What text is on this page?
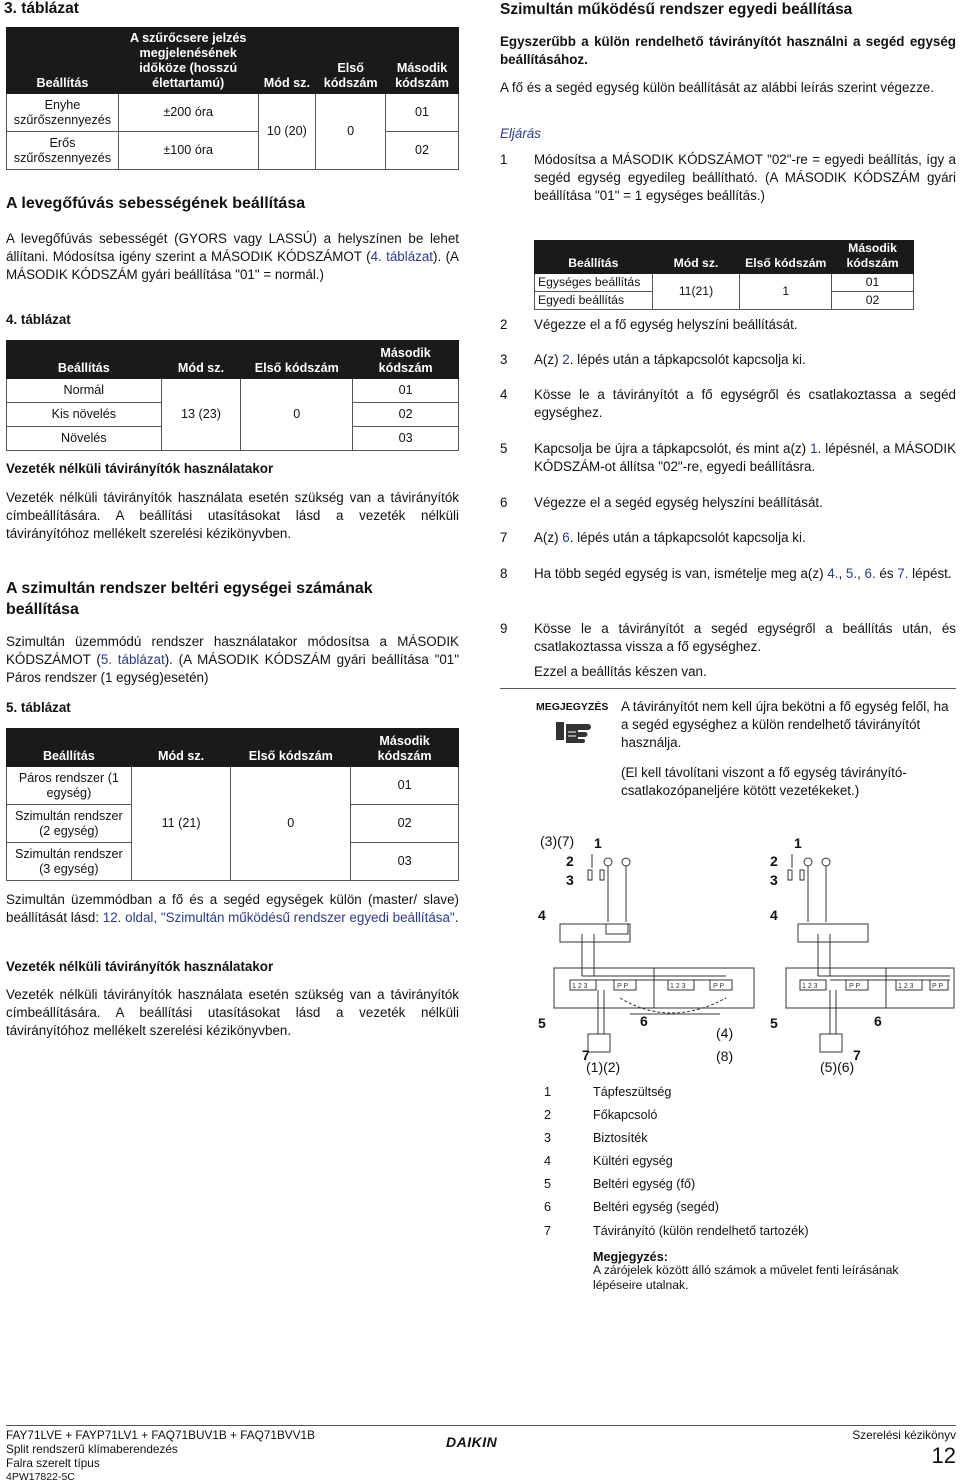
3. táblázat
Beállítás	A szűrőcsere jelzés megjelenésének időköze (hosszú élettartamú)	Mód sz.	Első kódszám	Második kódszám
Enyhe szűrőszennyezés	±200 óra	10 (20)	0	01
Erős szűrőszennyezés	±100 óra			02
A levegőfúvás sebességének beállítása

A levegőfúvás sebességét (GYORS vagy LASSÚ) a helyszínen be lehet állítani. Módosítsa igény szerint a MÁSODIK KÓDSZÁMOT (4. táblázat). (A MÁSODIK KÓDSZÁM gyári beállítása "01" = normál.)

4. táblázat
Beállítás	Mód sz.	Első kódszám	Második kódszám
Normál	13 (23)	0	01
Kis növelés			02
Növelés			03
Vezeték nélküli távirányítók használatakor

Vezeték nélküli távirányítók használata esetén szükség van a távirányítók címbeállítására. A beállítási utasításokat lásd a vezeték nélküli távirányítóhoz mellékelt szerelési kézikönyvben.

A szimultán rendszer beltéri egységei számának beállítása

Szimultán üzemmódú rendszer használatakor módosítsa a MÁSODIK KÓDSZÁMOT (5. táblázat). (A MÁSODIK KÓDSZÁM gyári beállítása "01" Páros rendszer (1 egység)esetén)

5. táblázat
Beállítás	Mód sz.	Első kódszám	Második kódszám
Páros rendszer (1 egység)	11 (21)	0	01
Szimultán rendszer (2 egység)			02
Szimultán rendszer (3 egység)			03

Szimultán üzemmódban a fő és a segéd egységek külön (master/ slave) beállítását lásd: 12. oldal, "Szimultán működésű rendszer egyedi beállítása".

Vezeték nélküli távirányítók használatakor

Vezeték nélküli távirányítók használata esetén szükség van a távirányítók címbeállítására. A beállítási utasításokat lásd a vezeték nélküli távirányítóhoz mellékelt szerelési kézikönyvben.

Szimultán működésű rendszer egyedi beállítása

Egyszerűbb a külön rendelhető távirányítót használni a segéd egység beállításához.

A fő és a segéd egység külön beállítását az alábbi leírás szerint végezze.

Eljárás
1	Módosítsa a MÁSODIK KÓDSZÁMOT "02"-re = egyedi beállítás, így a segéd egység egyedileg beállítható. (A MÁSODIK KÓDSZÁM gyári beállítása "01" = 1 egységes beállítás.)
Beállítás	Mód sz.	Első kódszám	Második kódszám
Egységes beállítás	11(21)	1	01
Egyedi beállítás			02
2	Végezze el a fő egység helyszíni beállítását.
3	A(z) 2. lépés után a tápkapcsolót kapcsolja ki.
4	Kösse le a távirányítót a fő egységről és csatlakoztassa a segéd egységhez.
5	Kapcsolja be újra a tápkapcsolót, és mint a(z) 1. lépésnél, a MÁSODIK KÓDSZÁM-ot állítsa "02"-re, egyedi beállításra.
6	Végezze el a segéd egység helyszíni beállítását.
7	A(z) 6. lépés után a tápkapcsolót kapcsolja ki.
8	Ha több segéd egység is van, ismételje meg a(z) 4., 5., 6. és 7. lépést.
9	Kösse le a távirányítót a segéd egységről a beállítás után, és csatlakoztassa vissza a fő egységhez.
Ezzel a beállítás készen van.
MEGJEGYZÉS A távirányítót nem kell újra bekötni a fő egység felől, ha a segéd egységhez a külön rendelhető távirányítót használja.

(El kell távolítani viszont a fő egység távirányító-csatlakozópaneljére kötött vezetékeket.)

(3)(7) 1
2
3
4
5	6
7
(1)(2)
(4)
(8)
1
2
3
4
5	6
7
(5)(6)
1 2 3	P P	1 2 3	P P	1 2 3	P P	1 2 3	P P
1	Tápfeszültség
2	Főkapcsoló
3	Biztosíték
4	Kültéri egység
5	Beltéri egység (fő)
6	Beltéri egység (segéd)
7	Távirányító (külön rendelhető tartozék)
Megjegyzés:
A zárójelek között álló számok a művelet fenti leírásának lépéseire utalnak.
FAY71LVE + FAYP71LV1 + FAQ71BUV1B + FAQ71BVV1B
Split rendszerű klímaberendezés
Falra szerelt típus
4PW17822-5C
DAIKIN	Szerelési kézikönyv
12
